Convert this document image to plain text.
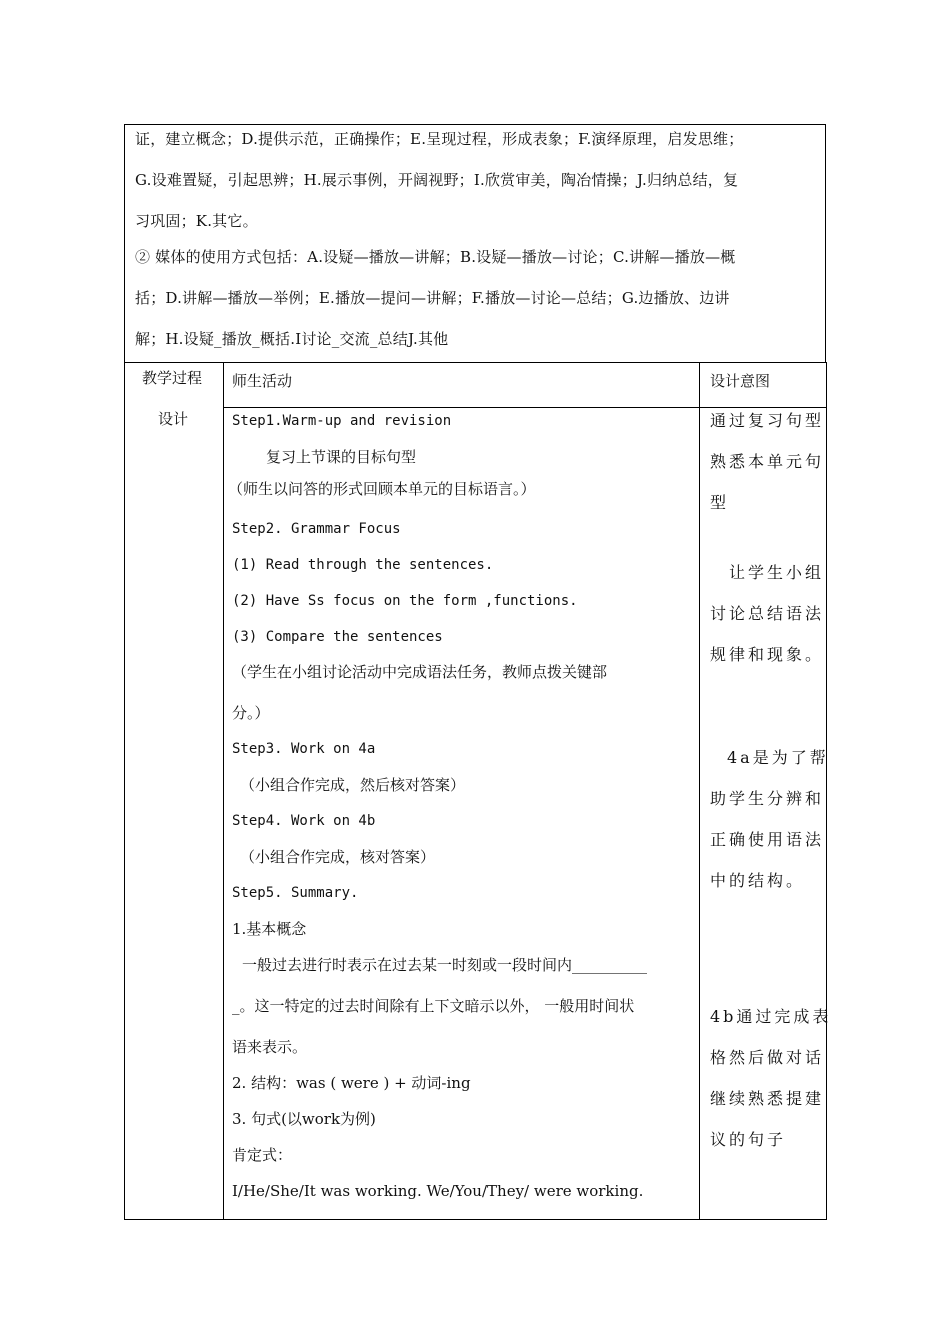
证，建立概念；D.提供示范，正确操作；E.呈现过程，形成表象；F.演绎原理，启发思维；
G.设难置疑，引起思辨；H.展示事例，开阔视野；I.欣赏审美，陶冶情操；J.归纳总结，复
习巩固；K.其它。
② 媒体的使用方式包括：A.设疑—播放—讲解；B.设疑—播放—讨论；C.讲解—播放—概
括；D.讲解—播放—举例；E.播放—提问—讲解；F.播放—讨论—总结；G.边播放、边讲
解；H.设疑_播放_概括.I讨论_交流_总结J.其他
教学过程
设计
师生活动	设计意图
Step1.Warm-up and revision
复习上节课的目标句型
（师生以问答的形式回顾本单元的目标语言。）
Step2. Grammar Focus
(1) Read through the sentences.
(2) Have Ss focus on the form ,functions.
(3) Compare the sentences
（学生在小组讨论活动中完成语法任务，教师点拨关键部
分。）
Step3. Work on 4a
（小组合作完成，然后核对答案）
Step4. Work on 4b
（小组合作完成，核对答案）
Step5. Summary.
1.基本概念
一般过去进行时表示在过去某一时刻或一段时间内__________
_。这一特定的过去时间除有上下文暗示以外， 一般用时间状
语来表示。
2. 结构：was ( were ) + 动词-ing
3. 句式(以work为例)
肯定式：
I/He/She/It was working. We/You/They/ were working.
通过复习句型
熟悉本单元句
型
让学生小组
讨论总结语法
规律和现象。
4a是为了帮
助学生分辨和
正确使用语法
中的结构。
4b通过完成表
格然后做对话
继续熟悉提建
议的句子
